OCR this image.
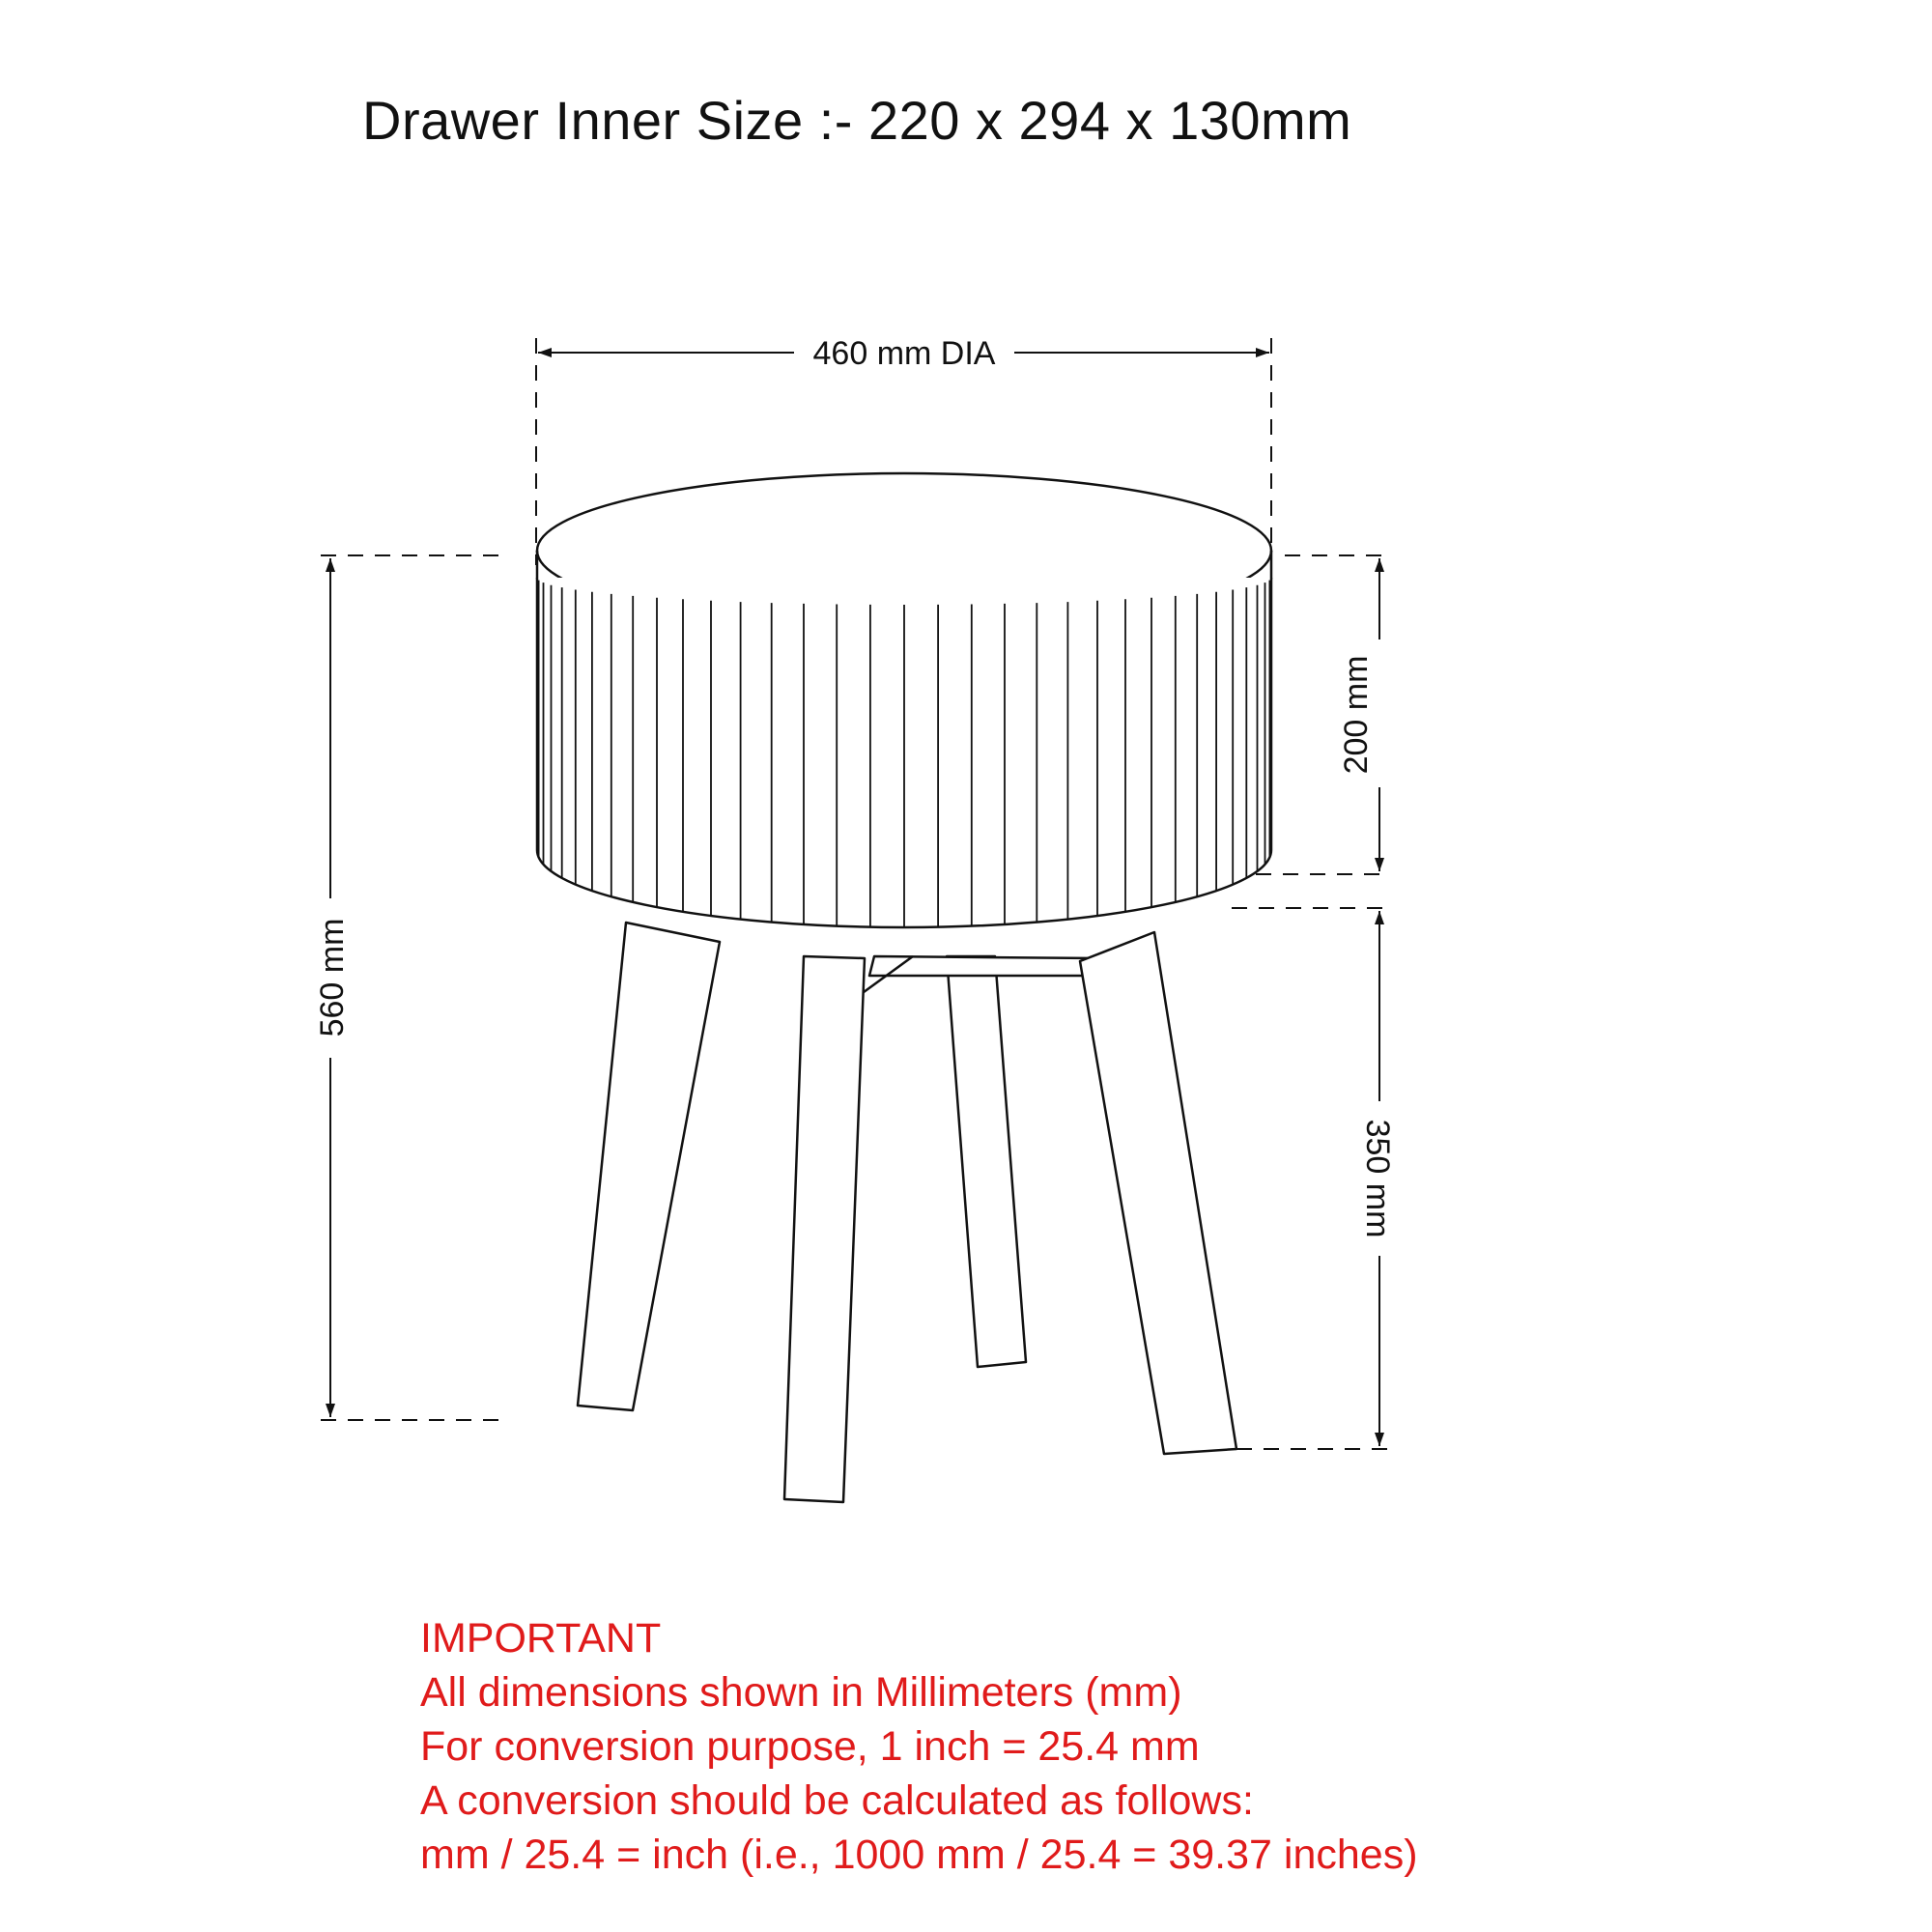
Drawer Inner Size :- 220 x 294 x 130mm
460 mm DIA
560 mm
200 mm
350 mm
IMPORTANT
All dimensions shown in Millimeters (mm)
For conversion purpose, 1 inch = 25.4 mm
A conversion should be calculated as follows:
mm / 25.4 = inch (i.e., 1000 mm / 25.4 = 39.37 inches)
